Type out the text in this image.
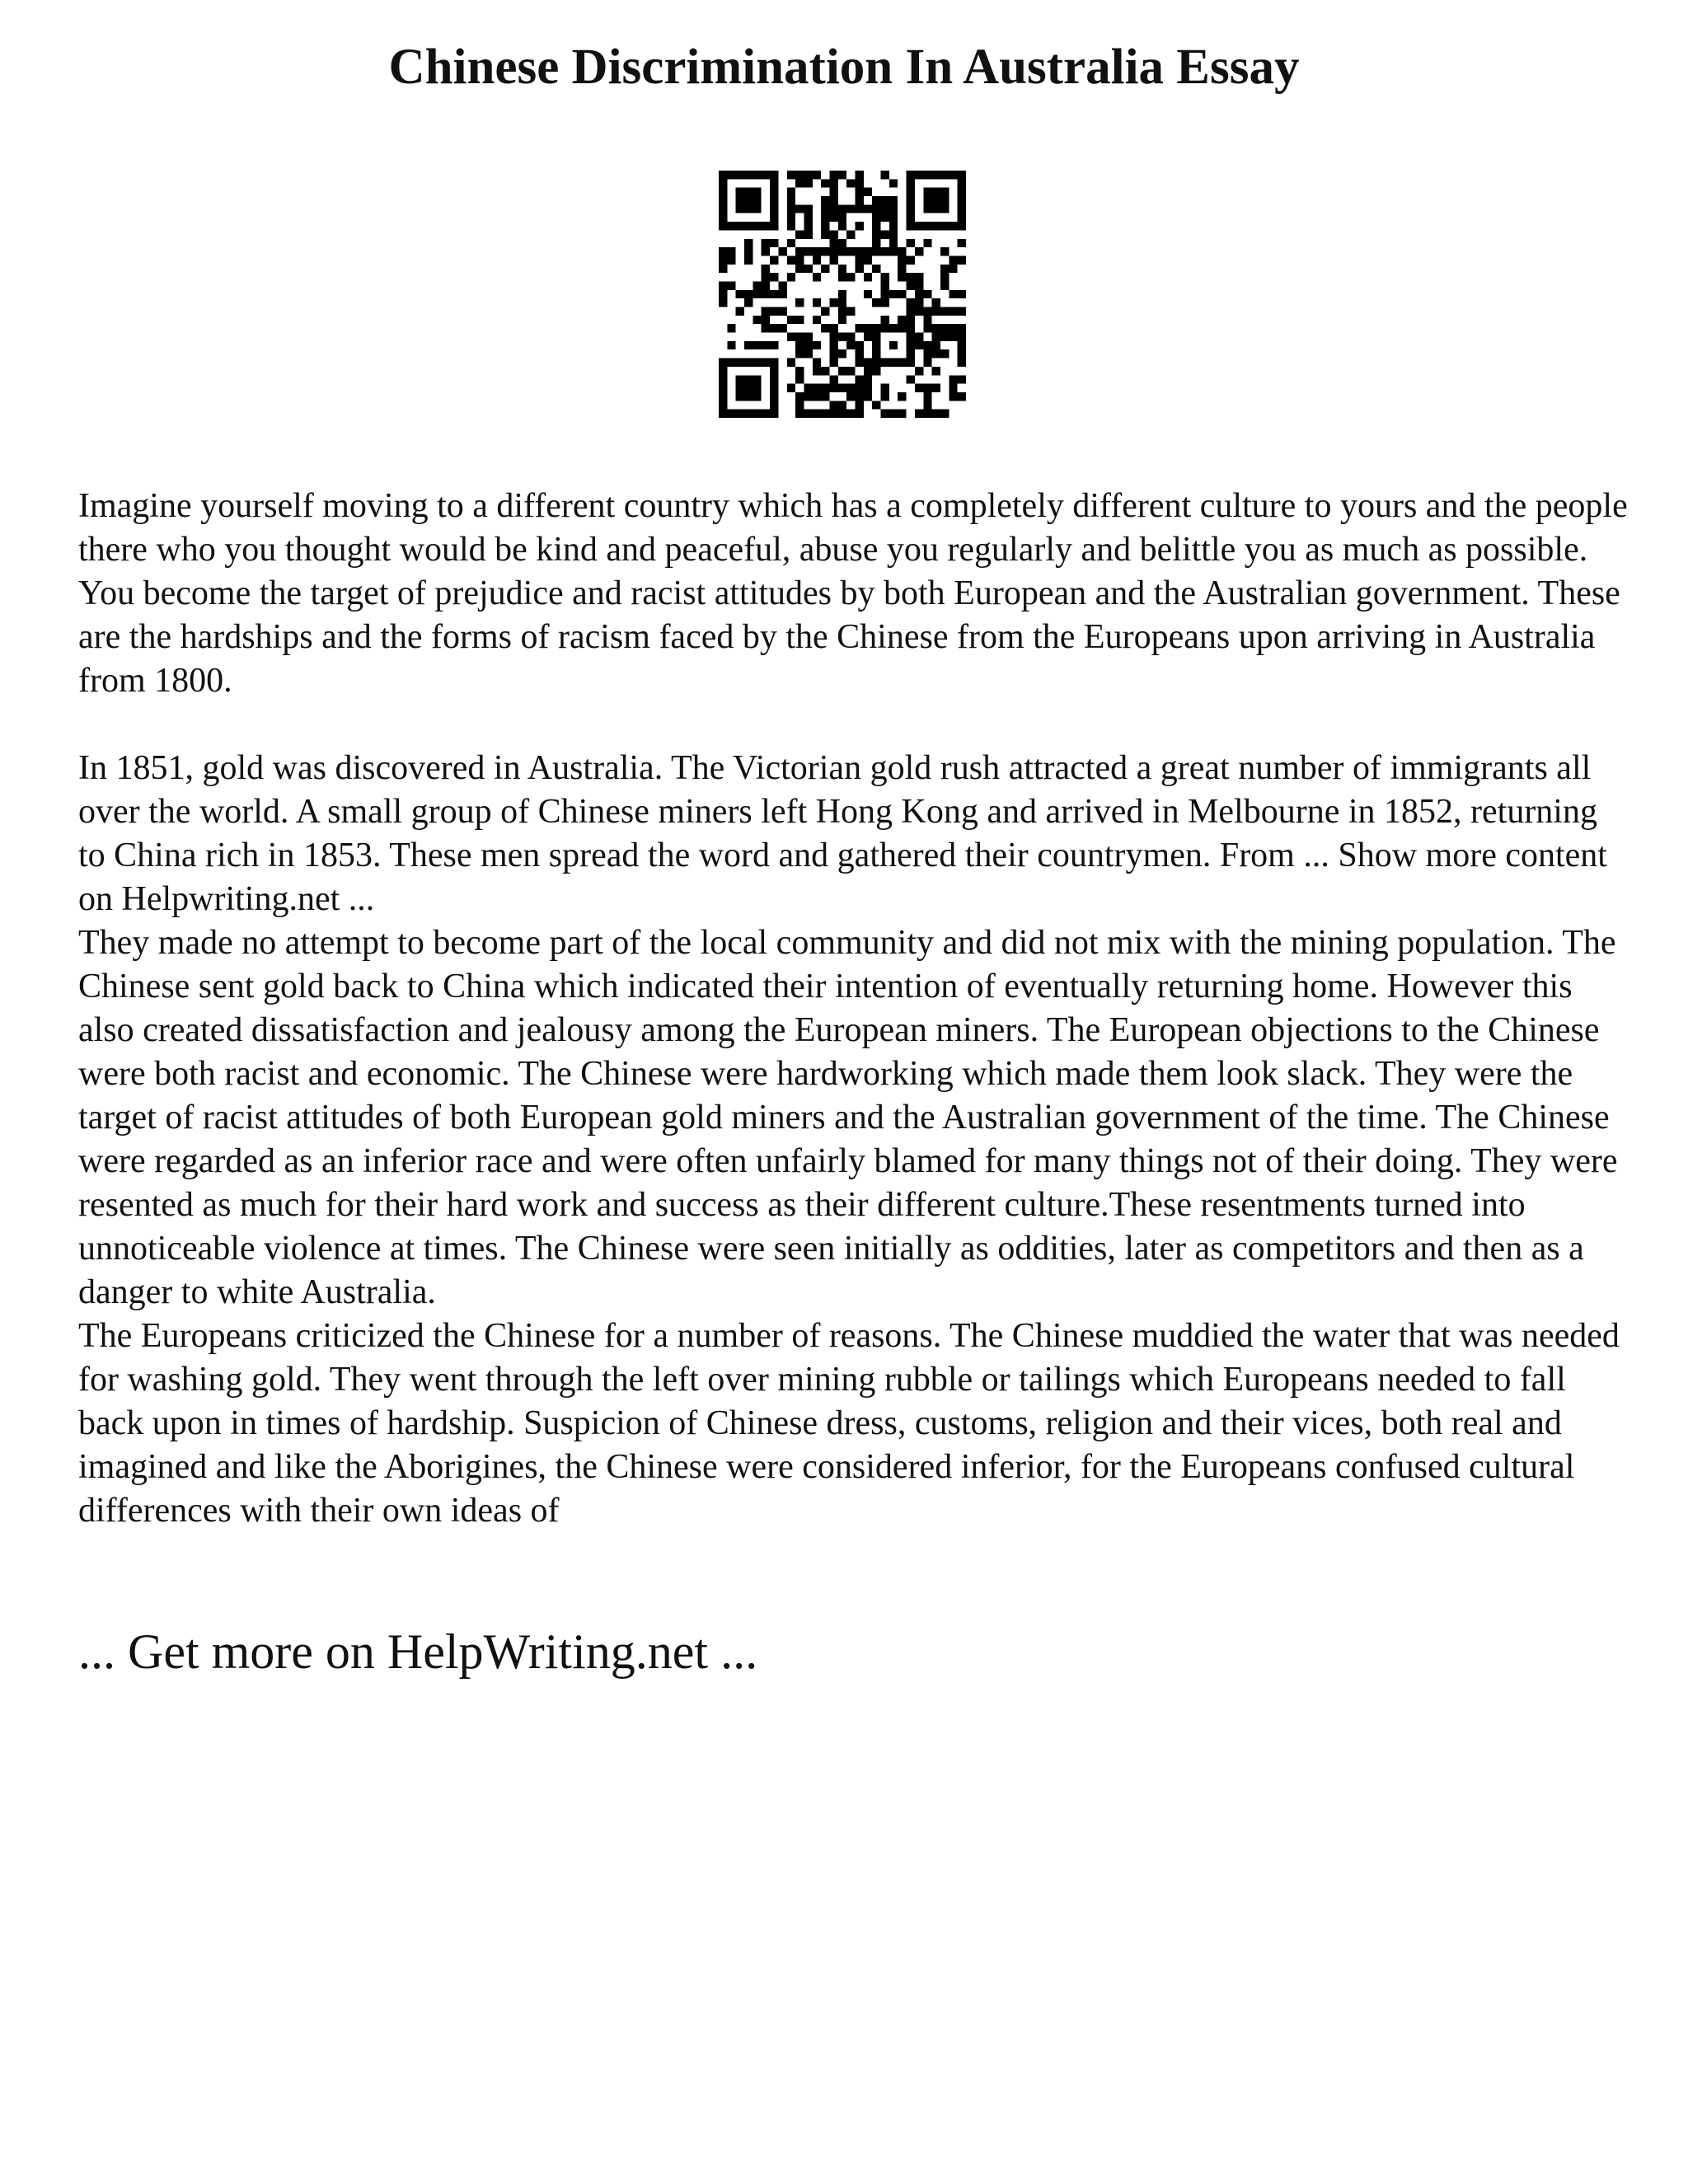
Chinese Discrimination In Australia Essay

Imagine yourself moving to a different country which has a completely different culture to yours and the people there who you thought would be kind and peaceful, abuse you regularly and belittle you as much as possible. You become the target of prejudice and racist attitudes by both European and the Australian government. These are the hardships and the forms of racism faced by the Chinese from the Europeans upon arriving in Australia from 1800.

In 1851, gold was discovered in Australia. The Victorian gold rush attracted a great number of immigrants all over the world. A small group of Chinese miners left Hong Kong and arrived in Melbourne in 1852, returning to China rich in 1853. These men spread the word and gathered their countrymen. From ... Show more content on Helpwriting.net ...

They made no attempt to become part of the local community and did not mix with the mining population. The Chinese sent gold back to China which indicated their intention of eventually returning home. However this also created dissatisfaction and jealousy among the European miners. The European objections to the Chinese were both racist and economic. The Chinese were hardworking which made them look slack. They were the target of racist attitudes of both European gold miners and the Australian government of the time. The Chinese were regarded as an inferior race and were often unfairly blamed for many things not of their doing. They were resented as much for their hard work and success as their different culture.These resentments turned into unnoticeable violence at times. The Chinese were seen initially as oddities, later as competitors and then as a danger to white Australia.

The Europeans criticized the Chinese for a number of reasons. The Chinese muddied the water that was needed for washing gold. They went through the left over mining rubble or tailings which Europeans needed to fall back upon in times of hardship. Suspicion of Chinese dress, customs, religion and their vices, both real and imagined and like the Aborigines, the Chinese were considered inferior, for the Europeans confused cultural differences with their own ideas of

... Get more on HelpWriting.net ...
